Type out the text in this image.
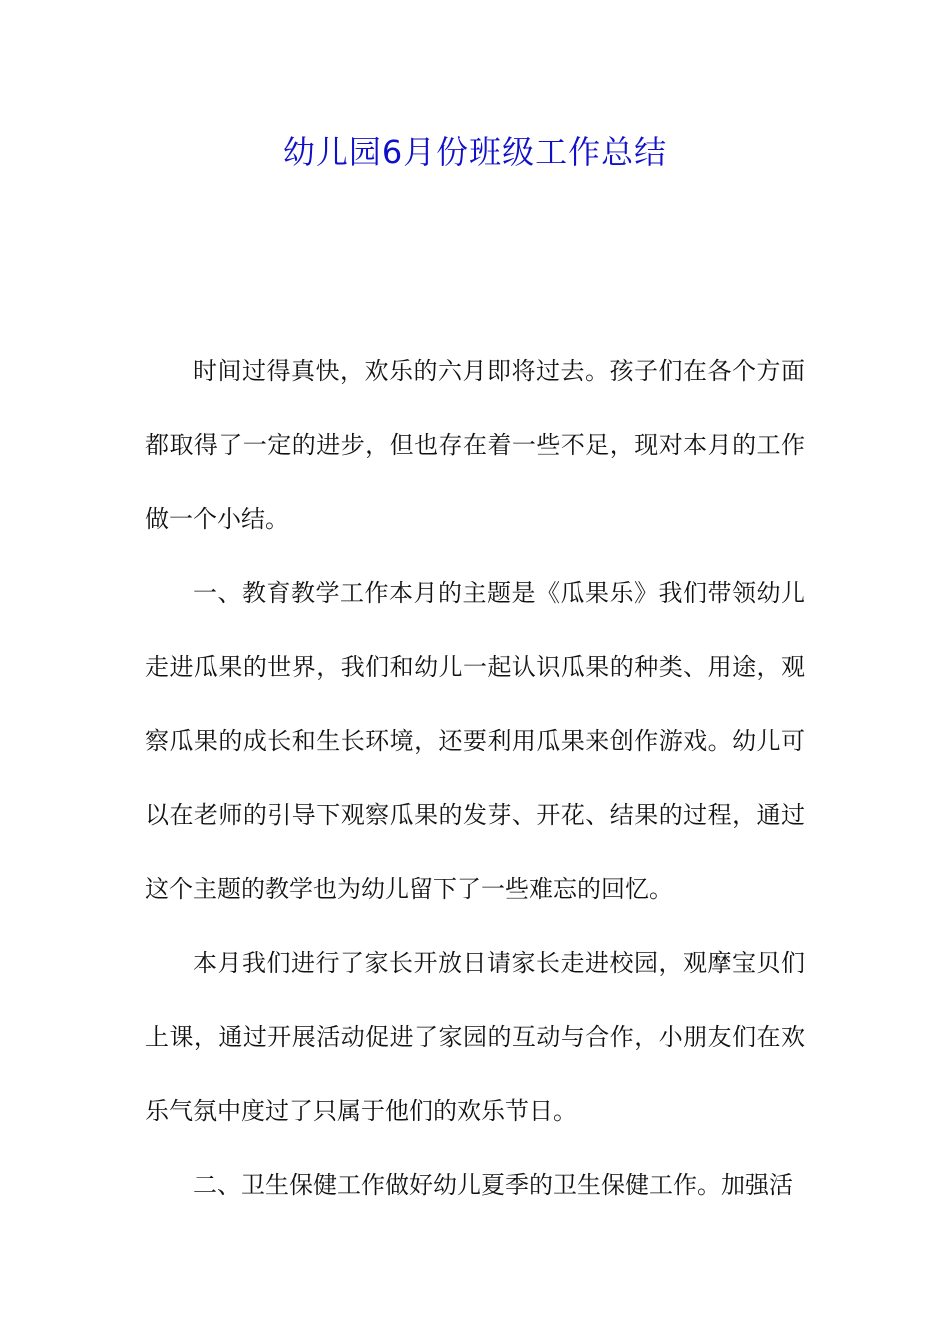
幼儿园6月份班级工作总结

时间过得真快，欢乐的六月即将过去。孩子们在各个方面都取得了一定的进步，但也存在着一些不足，现对本月的工作做一个小结。

一、教育教学工作本月的主题是《瓜果乐》我们带领幼儿走进瓜果的世界，我们和幼儿一起认识瓜果的种类、用途，观察瓜果的成长和生长环境，还要利用瓜果来创作游戏。幼儿可以在老师的引导下观察瓜果的发芽、开花、结果的过程，通过这个主题的教学也为幼儿留下了一些难忘的回忆。

本月我们进行了家长开放日请家长走进校园，观摩宝贝们上课，通过开展活动促进了家园的互动与合作，小朋友们在欢乐气氛中度过了只属于他们的欢乐节日。

二、卫生保健工作做好幼儿夏季的卫生保健工作。加强活
